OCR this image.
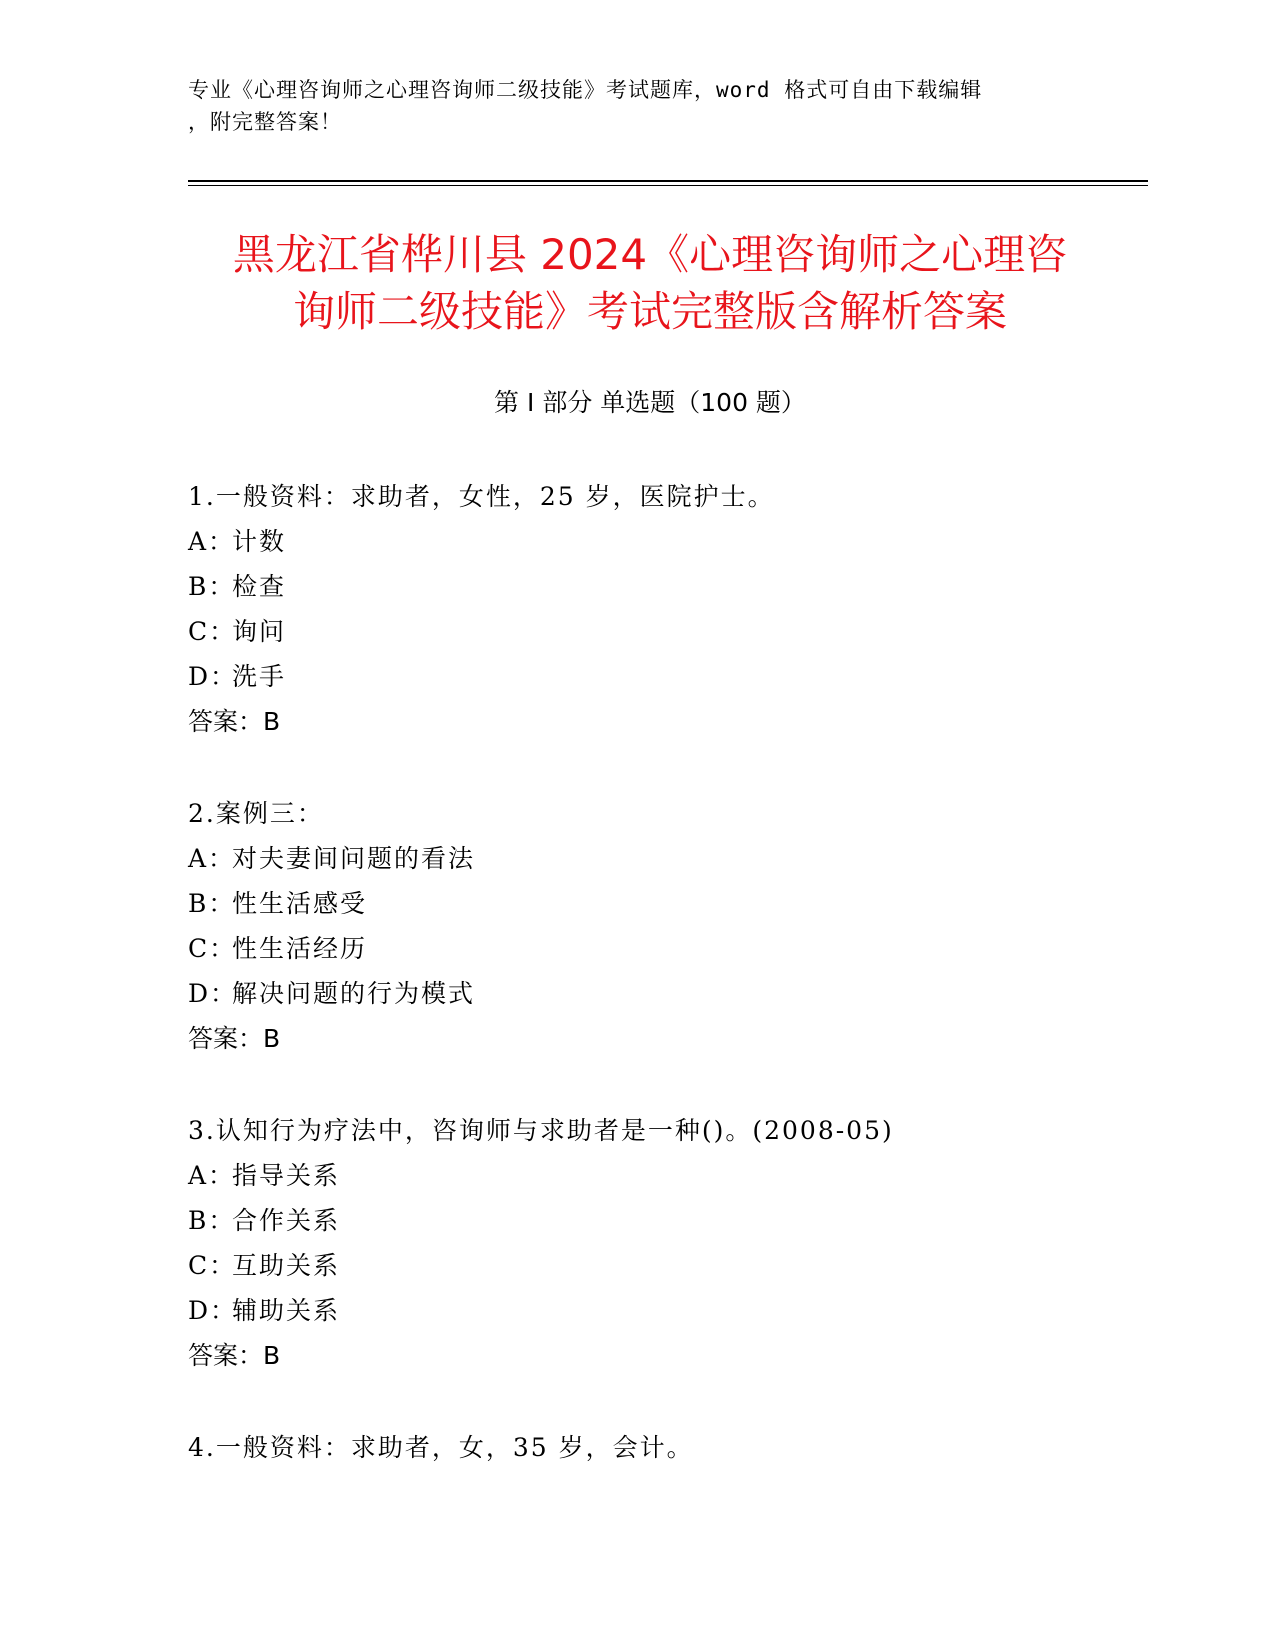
专业《心理咨询师之心理咨询师二级技能》考试题库，word 格式可自由下载编辑
，附完整答案！
黑龙江省桦川县 2024《心理咨询师之心理咨
询师二级技能》考试完整版含解析答案
第 I 部分 单选题（100 题）
1.一般资料：求助者，女性，25 岁，医院护士。
A：计数
B：检查
C：询问
D：洗手
答案：B
2.案例三：
A：对夫妻间问题的看法
B：性生活感受
C：性生活经历
D：解决问题的行为模式
答案：B
3.认知行为疗法中，咨询师与求助者是一种()。(2008-05)
A：指导关系
B：合作关系
C：互助关系
D：辅助关系
答案：B
4.一般资料：求助者，女，35 岁，会计。
